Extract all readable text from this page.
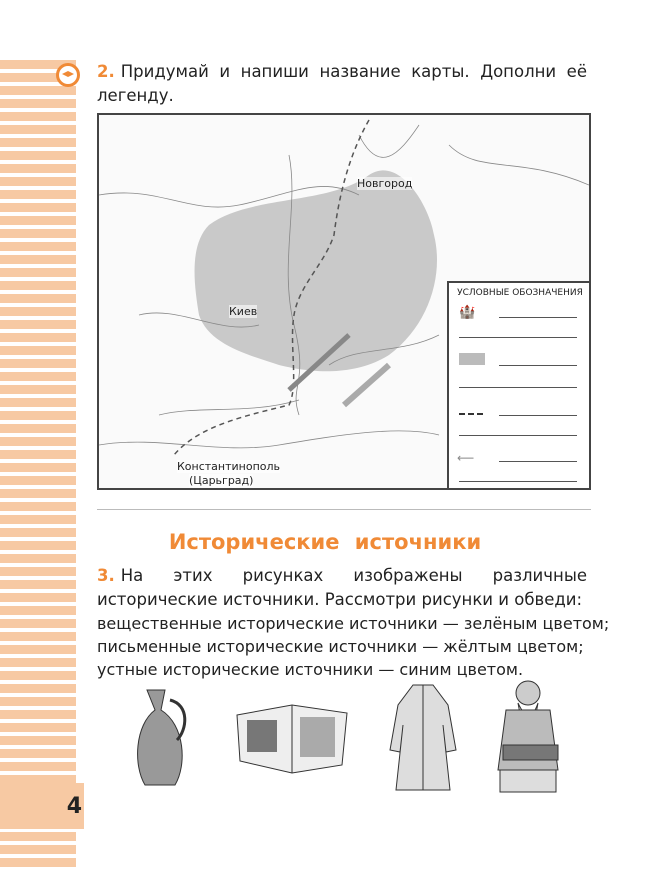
4
2. Придумай и напиши название карты. Дополни её легенду.
Новгород
Киев
Константинополь
(Царьград)
УСЛОВНЫЕ ОБОЗНАЧЕНИЯ
🏰
⟵
Исторические источники
3. На этих рисунках изображены различные исторические источники. Рассмотри рисунки и обведи:
вещественные исторические источники — зелёным цветом;
письменные исторические источники — жёлтым цветом;
устные исторические источники — синим цветом.
